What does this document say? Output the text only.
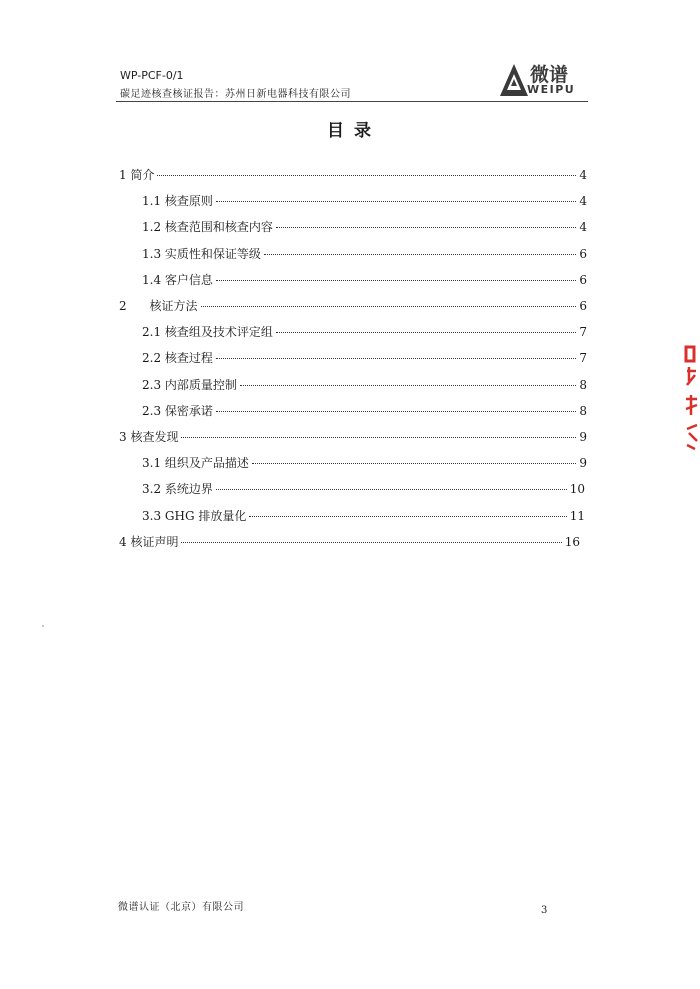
WP-PCF-0/1
碳足迹核查核证报告：苏州日新电器科技有限公司
微谱
WEIPU
目 录
1 简介	4
1.1 核查原则	4
1.2 核查范围和核查内容	4
1.3 实质性和保证等级	6
1.4 客户信息	6
2 核证方法	6
2.1 核查组及技术评定组	7
2.2 核查过程	7
2.3 内部质量控制	8
2.3 保密承诺	8
3 核查发现	9
3.1 组织及产品描述	9
3.2 系统边界	10
3.3 GHG 排放量化	11
4 核证声明	16
微谱认证（北京）有限公司	3
